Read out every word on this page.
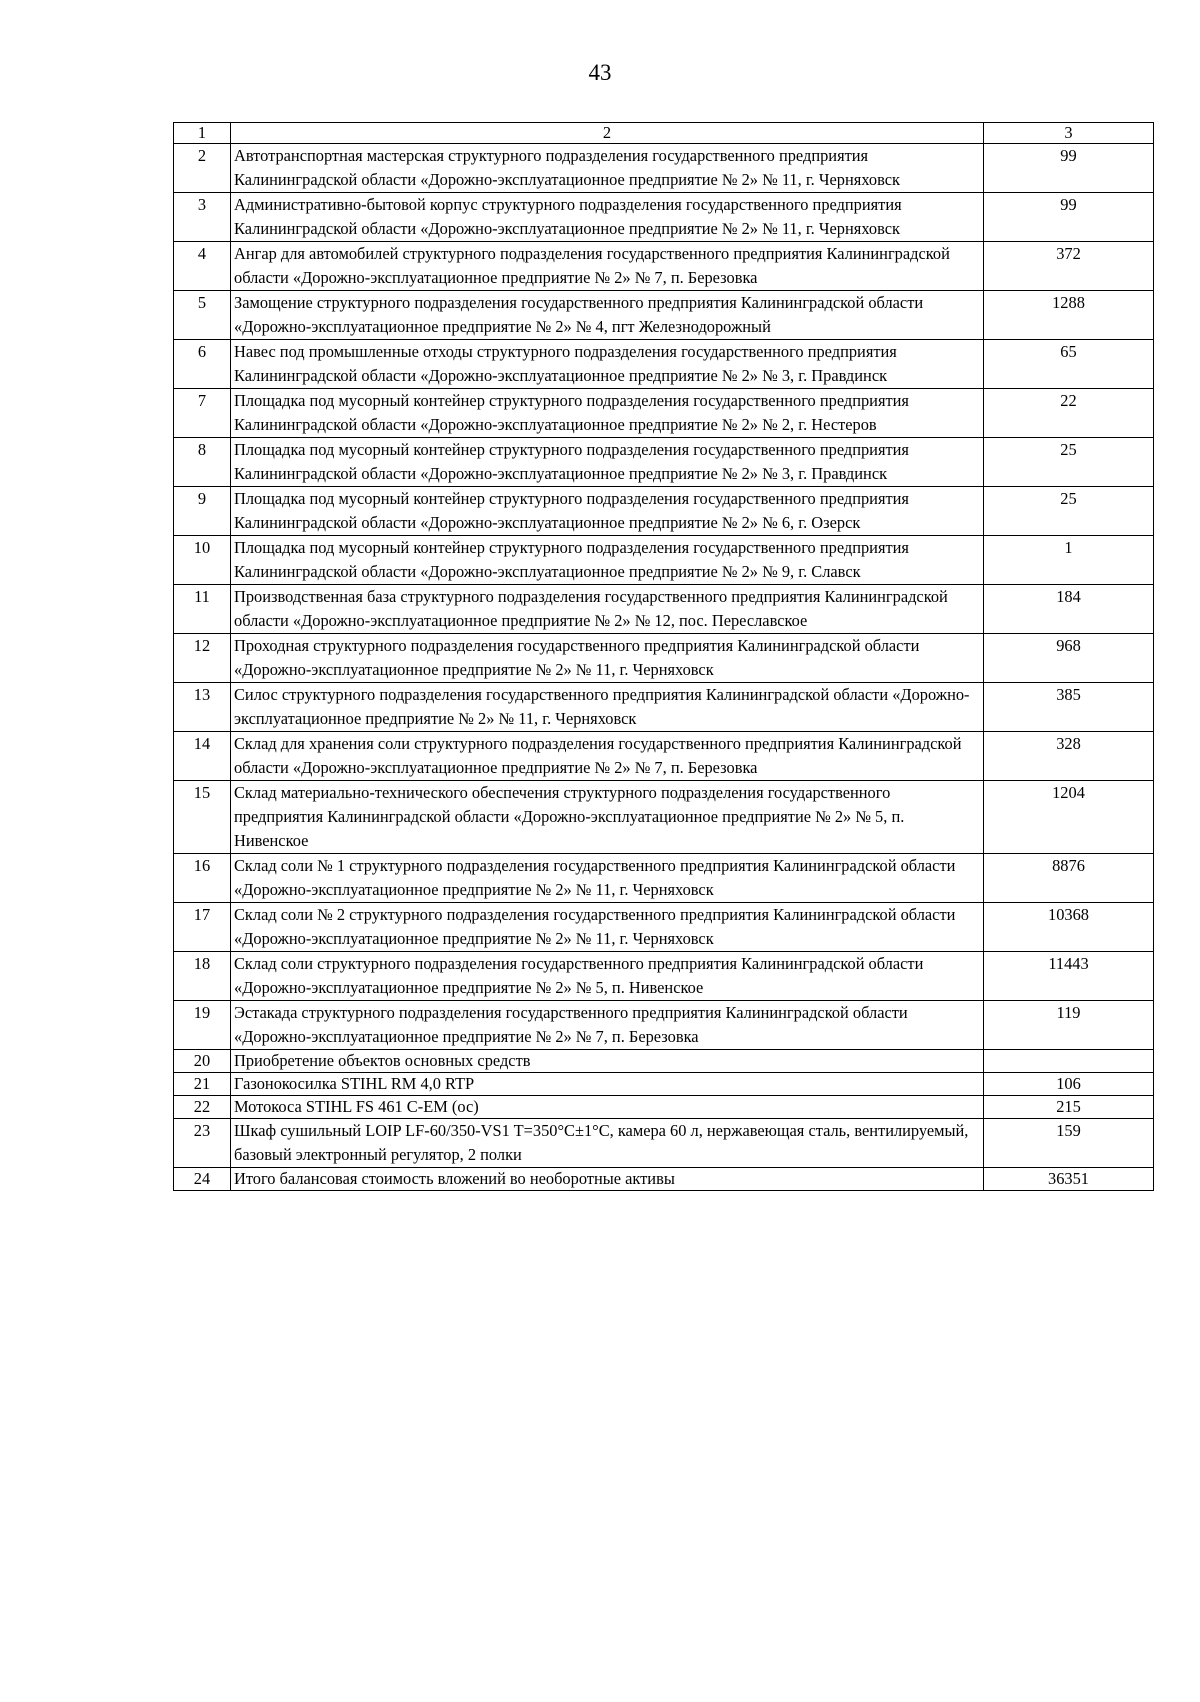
43
1	2	3
2	Автотранспортная мастерская структурного подразделения государственного предприятия Калининградской области «Дорожно-эксплуатационное предприятие № 2» № 11, г. Черняховск	99
3	Административно-бытовой корпус структурного подразделения государственного предприятия Калининградской области «Дорожно-эксплуатационное предприятие № 2» № 11, г. Черняховск	99
4	Ангар для автомобилей структурного подразделения государственного предприятия Калининградской области «Дорожно-эксплуатационное предприятие № 2» № 7, п. Березовка	372
5	Замощение структурного подразделения государственного предприятия Калининградской области «Дорожно-эксплуатационное предприятие № 2» № 4, пгт Железнодорожный	1288
6	Навес под промышленные отходы структурного подразделения государственного предприятия Калининградской области «Дорожно-эксплуатационное предприятие № 2» № 3, г. Правдинск	65
7	Площадка под мусорный контейнер структурного подразделения государственного предприятия Калининградской области «Дорожно-эксплуатационное предприятие № 2» № 2, г. Нестеров	22
8	Площадка под мусорный контейнер структурного подразделения государственного предприятия Калининградской области «Дорожно-эксплуатационное предприятие № 2» № 3, г. Правдинск	25
9	Площадка под мусорный контейнер структурного подразделения государственного предприятия Калининградской области «Дорожно-эксплуатационное предприятие № 2» № 6, г. Озерск	25
10	Площадка под мусорный контейнер структурного подразделения государственного предприятия Калининградской области «Дорожно-эксплуатационное предприятие № 2» № 9, г. Славск	1
11	Производственная база структурного подразделения государственного предприятия Калининградской области «Дорожно-эксплуатационное предприятие № 2» № 12, пос. Переславское	184
12	Проходная структурного подразделения государственного предприятия Калининградской области «Дорожно-эксплуатационное предприятие № 2» № 11, г. Черняховск	968
13	Силос структурного подразделения государственного предприятия Калининградской области «Дорожно-эксплуатационное предприятие № 2» № 11, г. Черняховск	385
14	Склад для хранения соли структурного подразделения государственного предприятия Калининградской области «Дорожно-эксплуатационное предприятие № 2» № 7, п. Березовка	328
15	Склад материально-технического обеспечения структурного подразделения государственного предприятия Калининградской области «Дорожно-эксплуатационное предприятие № 2» № 5, п. Нивенское	1204
16	Склад соли № 1 структурного подразделения государственного предприятия Калининградской области «Дорожно-эксплуатационное предприятие № 2» № 11, г. Черняховск	8876
17	Склад соли № 2 структурного подразделения государственного предприятия Калининградской области «Дорожно-эксплуатационное предприятие № 2» № 11, г. Черняховск	10368
18	Склад соли структурного подразделения государственного предприятия Калининградской области «Дорожно-эксплуатационное предприятие № 2» № 5, п. Нивенское	11443
19	Эстакада структурного подразделения государственного предприятия Калининградской области «Дорожно-эксплуатационное предприятие № 2» № 7, п. Березовка	119
20	Приобретение объектов основных средств	
21	Газонокосилка STIHL RM 4,0 RTP	106
22	Мотокоса STIHL FS 461 C-EM (ос)	215
23	Шкаф сушильный LOIP LF-60/350-VS1 T=350°C±1°C, камера 60 л, нержавеющая сталь, вентилируемый, базовый электронный регулятор, 2 полки	159
24	Итого балансовая стоимость вложений во необоротные активы	36351
